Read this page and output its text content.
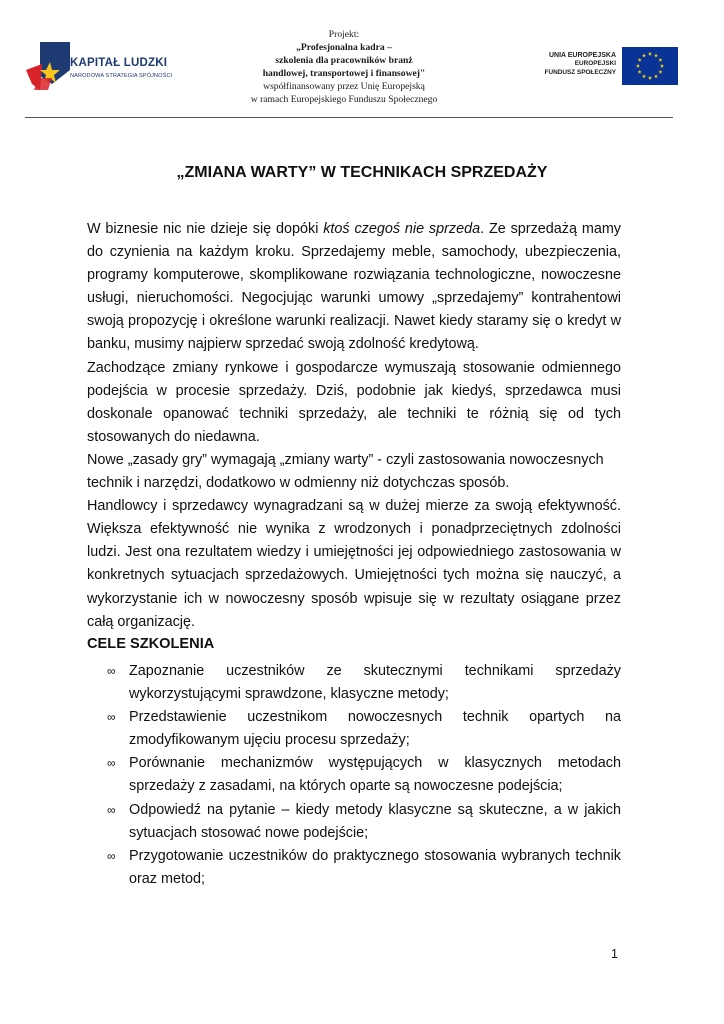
KAPITAŁ LUDZKI
NARODOWA STRATEGIA SPÓJNOŚCI
Projekt:
„Profesjonalna kadra –
szkolenia dla pracowników branż
handlowej, transportowej i finansowej"
współfinansowany przez Unię Europejską
w ramach Europejskiego Funduszu Społecznego
UNIA EUROPEJSKA
EUROPEJSKI
FUNDUSZ SPOŁECZNY
„ZMIANA WARTY” W TECHNIKACH SPRZEDAŻY

W biznesie nic nie dzieje się dopóki ktoś czegoś nie sprzeda. Ze sprzedażą mamy do czynienia na każdym kroku. Sprzedajemy meble, samochody, ubezpieczenia, programy komputerowe, skomplikowane rozwiązania technologiczne, nowoczesne usługi, nieruchomości. Negocjując warunki umowy „sprzedajemy” kontrahentowi swoją propozycję i określone warunki realizacji. Nawet kiedy staramy się o kredyt w banku, musimy najpierw sprzedać swoją zdolność kredytową.

Zachodzące zmiany rynkowe i gospodarcze wymuszają stosowanie odmiennego podejścia w procesie sprzedaży. Dziś, podobnie jak kiedyś, sprzedawca musi doskonale opanować techniki sprzedaży, ale techniki te różnią się od tych stosowanych do niedawna.

Nowe „zasady gry” wymagają „zmiany warty” - czyli zastosowania nowoczesnych technik i narzędzi, dodatkowo w odmienny niż dotychczas sposób.

Handlowcy i sprzedawcy wynagradzani są w dużej mierze za swoją efektywność. Większa efektywność nie wynika z wrodzonych i ponadprzeciętnych zdolności ludzi. Jest ona rezultatem wiedzy i umiejętności jej odpowiedniego zastosowania w konkretnych sytuacjach sprzedażowych. Umiejętności tych można się nauczyć, a wykorzystanie ich w nowoczesny sposób wpisuje się w rezultaty osiągane przez całą organizację.

CELE SZKOLENIA
∞ Zapoznanie uczestników ze skutecznymi technikami sprzedaży wykorzystującymi sprawdzone, klasyczne metody;
∞ Przedstawienie uczestnikom nowoczesnych technik opartych na zmodyfikowanym ujęciu procesu sprzedaży;
∞ Porównanie mechanizmów występujących w klasycznych metodach sprzedaży z zasadami, na których oparte są nowoczesne podejścia;
∞ Odpowiedź na pytanie – kiedy metody klasyczne są skuteczne, a w jakich sytuacjach stosować nowe podejście;
∞ Przygotowanie uczestników do praktycznego stosowania wybranych technik oraz metod;
1
